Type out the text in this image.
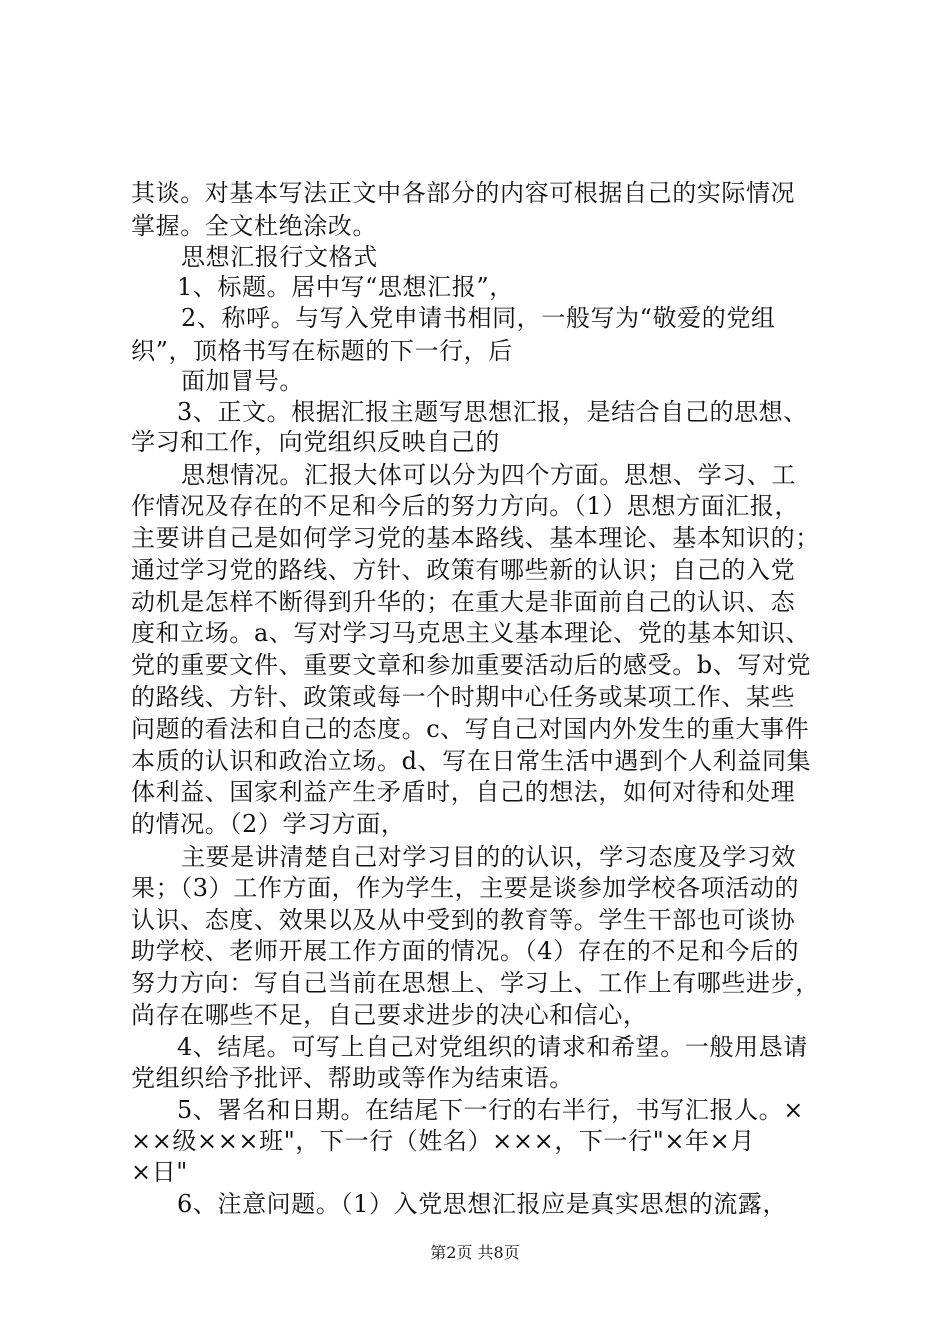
其谈。对基本写法正文中各部分的内容可根据自己的实际情况
掌握。全文杜绝涂改。
思想汇报行文格式
1、标题。居中写“思想汇报”，
2、称呼。与写入党申请书相同，一般写为“敬爱的党组
织”，顶格书写在标题的下一行，后
面加冒号。
3、正文。根据汇报主题写思想汇报，是结合自己的思想、
学习和工作，向党组织反映自己的
思想情况。汇报大体可以分为四个方面。思想、学习、工
作情况及存在的不足和今后的努力方向。（1）思想方面汇报，
主要讲自己是如何学习党的基本路线、基本理论、基本知识的；
通过学习党的路线、方针、政策有哪些新的认识；自己的入党
动机是怎样不断得到升华的；在重大是非面前自己的认识、态
度和立场。a、写对学习马克思主义基本理论、党的基本知识、
党的重要文件、重要文章和参加重要活动后的感受。b、写对党
的路线、方针、政策或每一个时期中心任务或某项工作、某些
问题的看法和自己的态度。c、写自己对国内外发生的重大事件
本质的认识和政治立场。d、写在日常生活中遇到个人利益同集
体利益、国家利益产生矛盾时，自己的想法，如何对待和处理
的情况。（2）学习方面，
主要是讲清楚自己对学习目的的认识，学习态度及学习效
果；（3）工作方面，作为学生，主要是谈参加学校各项活动的
认识、态度、效果以及从中受到的教育等。学生干部也可谈协
助学校、老师开展工作方面的情况。（4）存在的不足和今后的
努力方向：写自己当前在思想上、学习上、工作上有哪些进步，
尚存在哪些不足，自己要求进步的决心和信心，
4、结尾。可写上自己对党组织的请求和希望。一般用恳请
党组织给予批评、帮助或等作为结束语。
5、署名和日期。在结尾下一行的右半行，书写汇报人。×
××级×××班"，下一行（姓名）×××，下一行"×年×月
×日"
6、注意问题。（1）入党思想汇报应是真实思想的流露，
第2页 共8页
